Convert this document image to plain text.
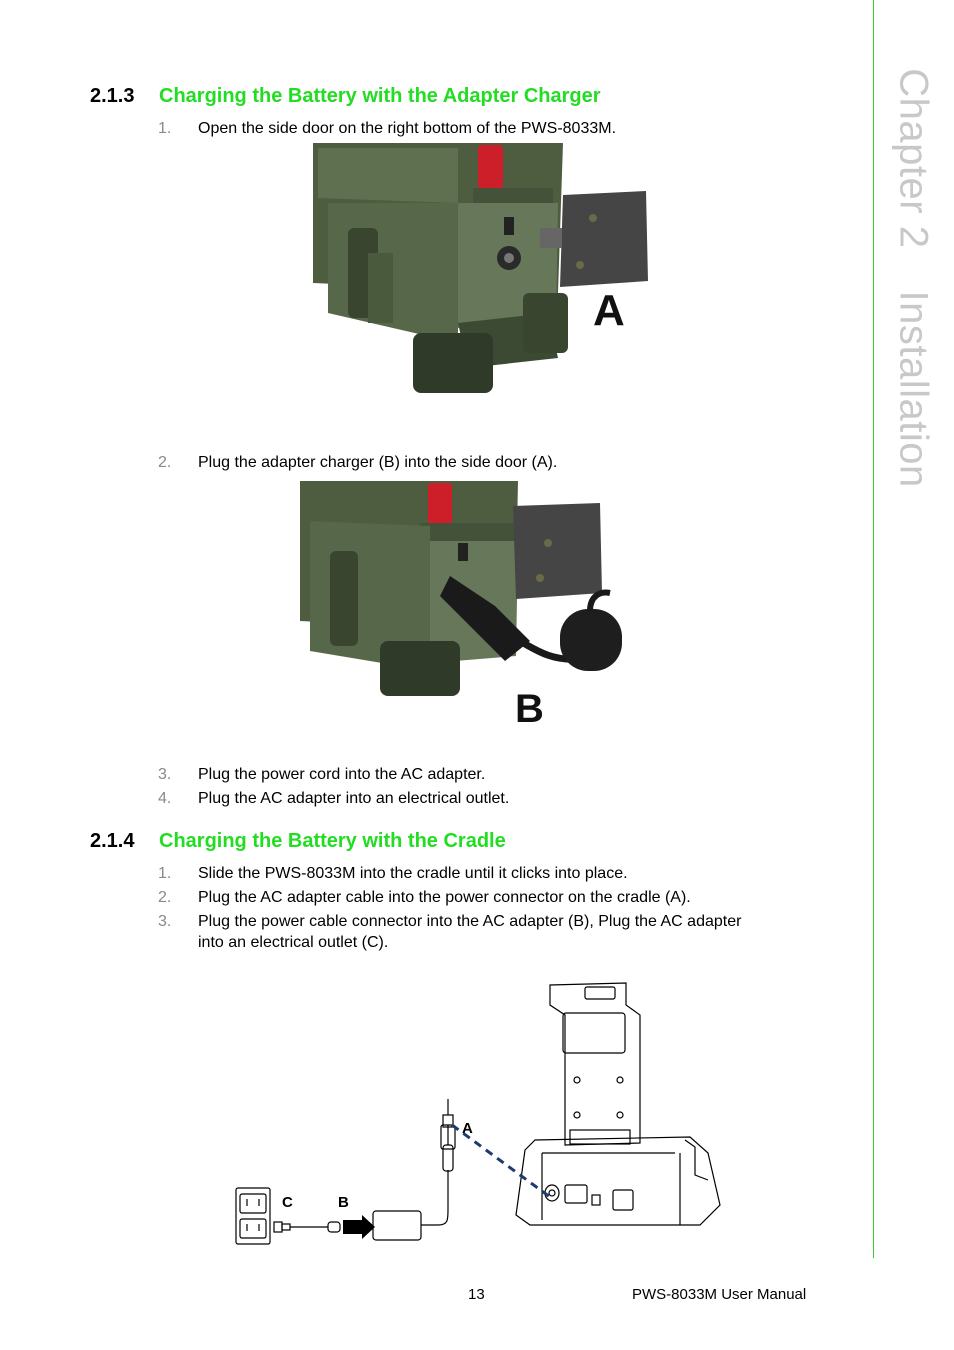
Chapter 2Installation
2.1.3 Charging the Battery with the Adapter Charger
1. Open the side door on the right bottom of the PWS-8033M.
A
2. Plug the adapter charger (B) into the side door (A).
B
3. Plug the power cord into the AC adapter.
4. Plug the AC adapter into an electrical outlet.
2.1.4 Charging the Battery with the Cradle
1. Slide the PWS-8033M into the cradle until it clicks into place.
2. Plug the AC adapter cable into the power connector on the cradle (A).
3. Plug the power cable connector into the AC adapter (B), Plug the AC adapter
into an electrical outlet (C).
A
B
C
13	PWS-8033M User Manual
